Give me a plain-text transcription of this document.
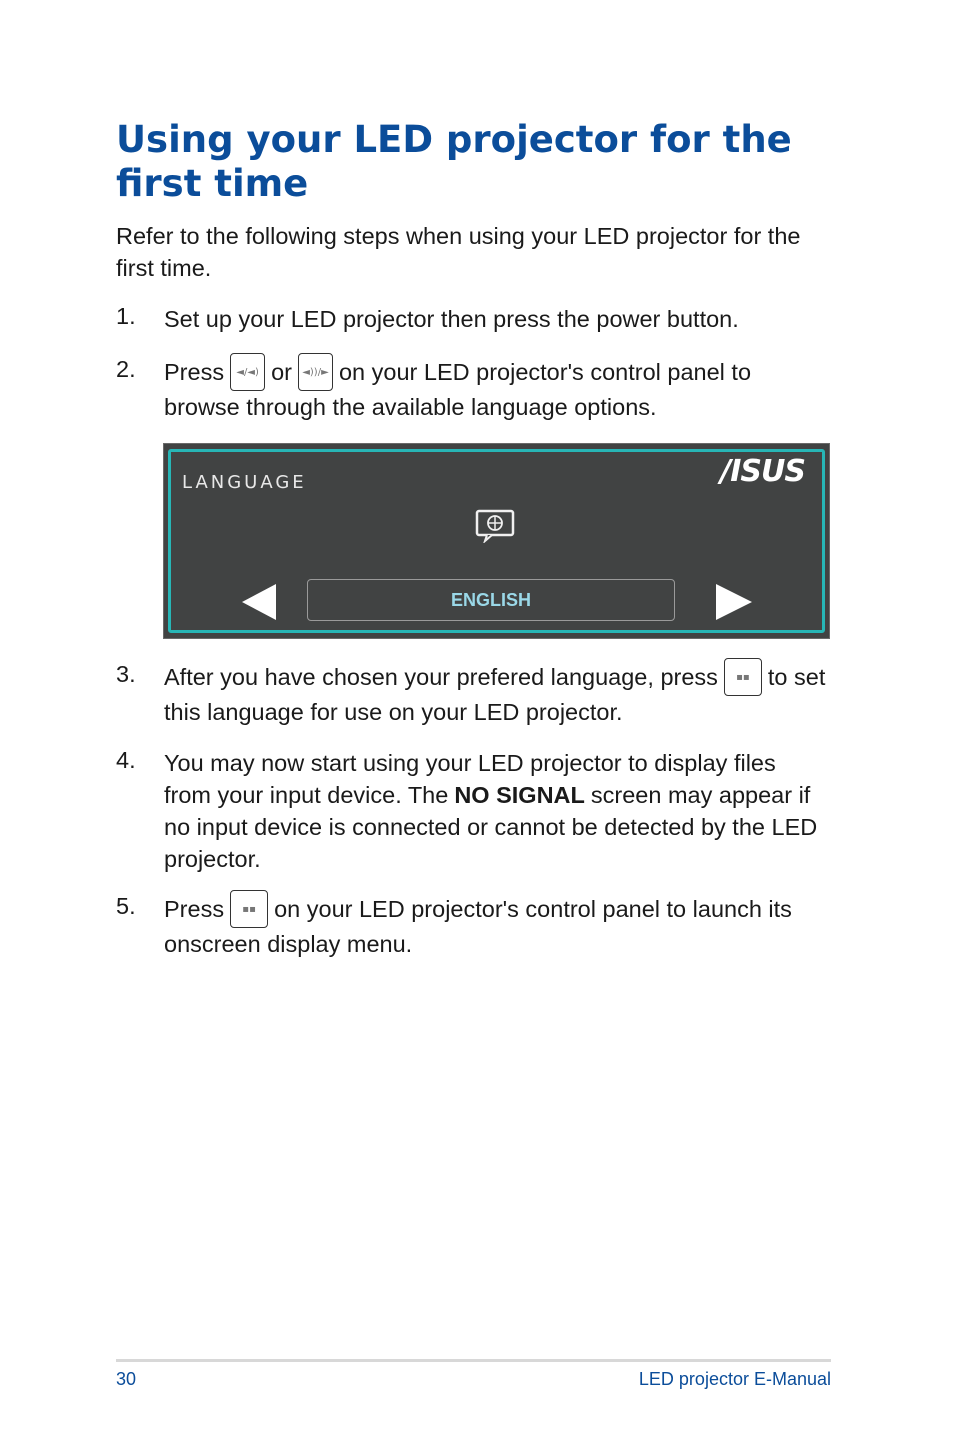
Using your LED projector for the first time

Refer to the following steps when using your LED projector for the first time.

1. Set up your LED projector then press the power button.
2. Press	◄/◄) or	◄))/► on your LED projector's control panel to
browse through the available language options.
LANGUAGE	/ISUS
ENGLISH
3. After you have chosen your prefered language, press	▪▪ to set
this language for use on your LED projector.
4. You may now start using your LED projector to display files
from your input device. The NO SIGNAL screen may appear if
no input device is connected or cannot be detected by the LED
projector.
5. Press	▪▪ on your LED projector's control panel to launch its
onscreen display menu.
30	LED projector E-Manual
